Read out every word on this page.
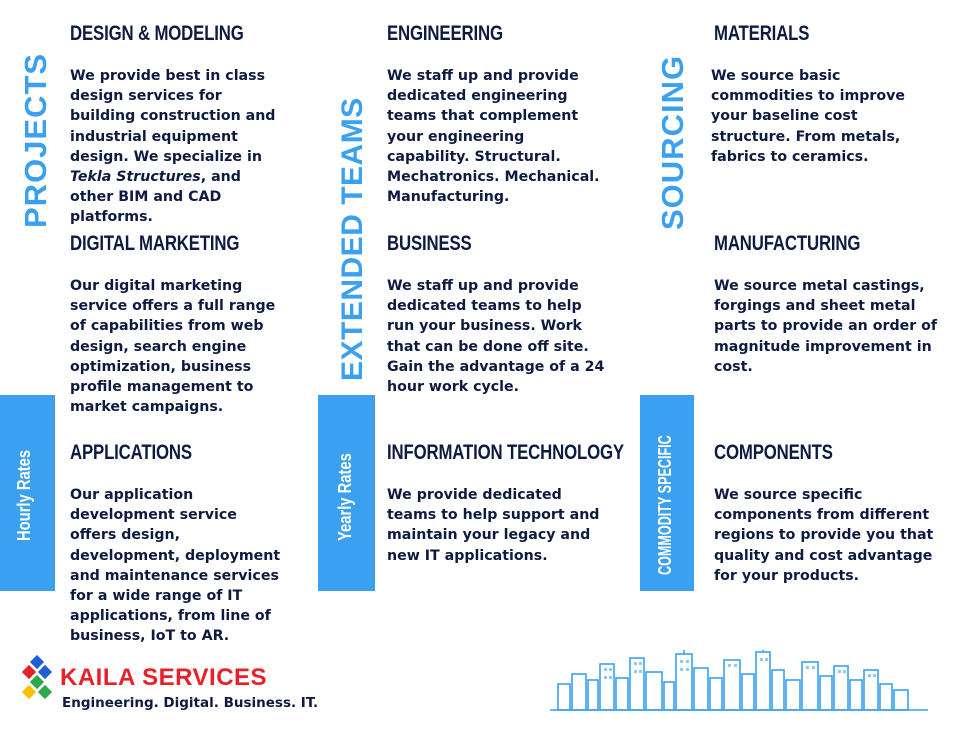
PROJECTS	EXTENDED TEAMS	SOURCING
Hourly Rates	Yearly Rates	COMMODITY SPECIFIC
DESIGN & MODELING

We provide best in class design services for building construction and industrial equipment design. We specialize in Tekla Structures, and other BIM and CAD platforms.

DIGITAL MARKETING

Our digital marketing service offers a full range of capabilities from web design, search engine optimization, business profile management to market campaigns.

APPLICATIONS

Our application development service offers design, development, deployment and maintenance services for a wide range of IT applications, from line of business, IoT to AR.

ENGINEERING

We staff up and provide dedicated engineering teams that complement your engineering capability. Structural. Mechatronics. Mechanical. Manufacturing.

BUSINESS

We staff up and provide dedicated teams to help run your business. Work that can be done off site. Gain the advantage of a 24 hour work cycle.

INFORMATION TECHNOLOGY

We provide dedicated teams to help support and maintain your legacy and new IT applications.

MATERIALS

We source basic commodities to improve your baseline cost structure. From metals, fabrics to ceramics.

MANUFACTURING

We source metal castings, forgings and sheet metal parts to provide an order of magnitude improvement in cost.

COMPONENTS

We source specific components from different regions to provide you that quality and cost advantage for your products.

KAILA SERVICES
Engineering. Digital. Business. IT.
